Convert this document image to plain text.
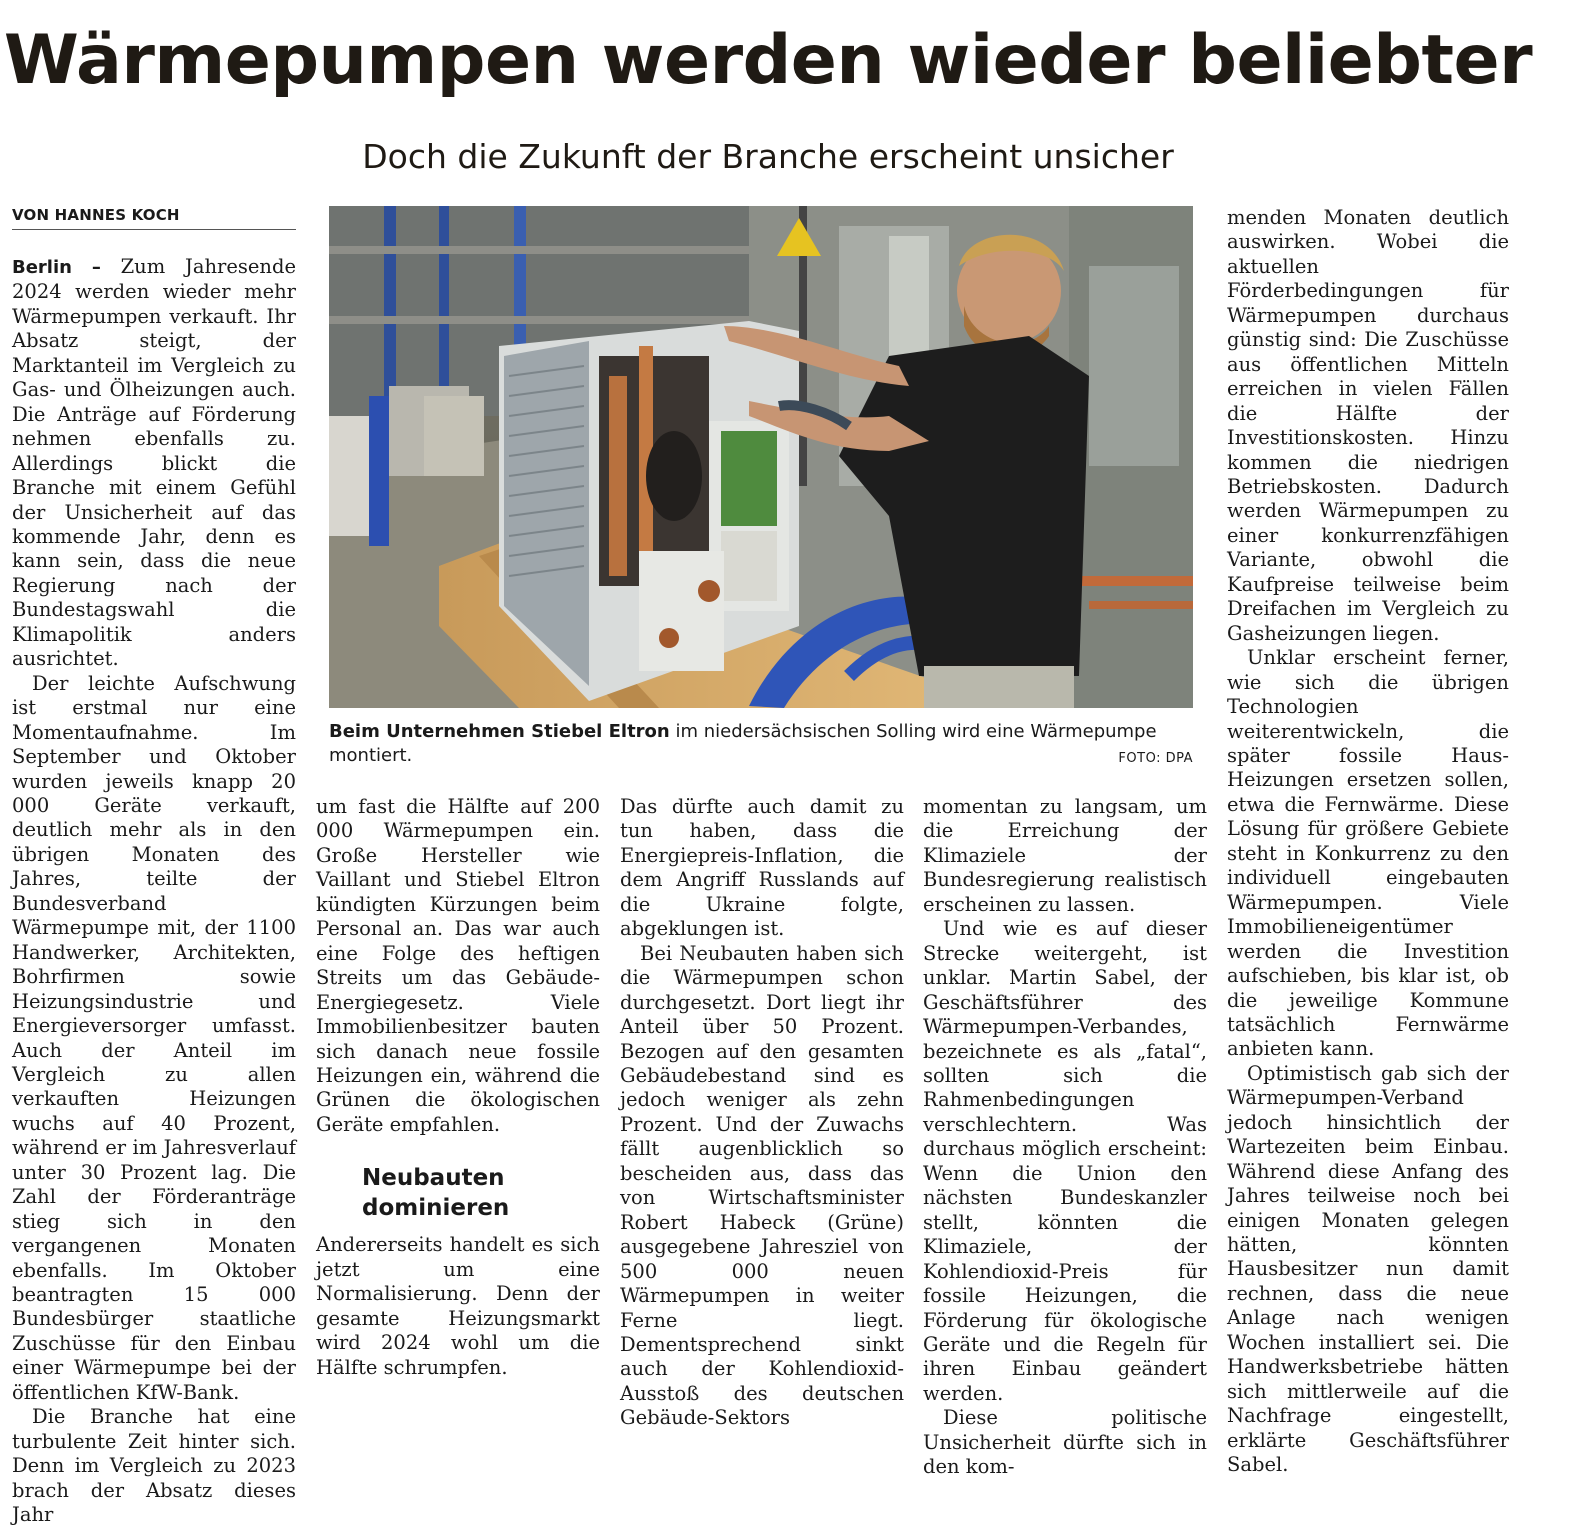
Wärmepumpen werden wieder beliebter
Doch die Zukunft der Branche erscheint unsicher
VON HANNES KOCH

Berlin – Zum Jahresende 2024 werden wieder mehr Wärmepumpen verkauft. Ihr Absatz steigt, der Marktanteil im Vergleich zu Gas- und Ölheizungen auch. Die Anträge auf Förderung nehmen ebenfalls zu. Allerdings blickt die Branche mit einem Gefühl der Unsicherheit auf das kommende Jahr, denn es kann sein, dass die neue Regierung nach der Bundestagswahl die Klimapolitik anders ausrichtet.

Der leichte Aufschwung ist erstmal nur eine Momentaufnahme. Im September und Oktober wurden jeweils knapp 20 000 Geräte verkauft, deutlich mehr als in den übrigen Monaten des Jahres, teilte der Bundesverband Wärmepumpe mit, der 1100 Handwerker, Architekten, Bohrfirmen sowie Heizungsindustrie und Energieversorger umfasst. Auch der Anteil im Vergleich zu allen verkauften Heizungen wuchs auf 40 Prozent, während er im Jahresverlauf unter 30 Prozent lag. Die Zahl der Förderanträge stieg sich in den vergangenen Monaten ebenfalls. Im Oktober beantragten 15 000 Bundesbürger staatliche Zuschüsse für den Einbau einer Wärmepumpe bei der öffentlichen KfW-Bank.

Die Branche hat eine turbulente Zeit hinter sich. Denn im Vergleich zu 2023 brach der Absatz dieses Jahr

Beim Unternehmen Stiebel Eltron im niedersächsischen Solling wird eine Wärmepumpe montiert.	FOTO: DPA

um fast die Hälfte auf 200 000 Wärmepumpen ein. Große Hersteller wie Vaillant und Stiebel Eltron kündigten Kürzungen beim Personal an. Das war auch eine Folge des heftigen Streits um das Gebäude-Energiegesetz. Viele Immobilienbesitzer bauten sich danach neue fossile Heizungen ein, während die Grünen die ökologischen Geräte empfahlen.

Neubauten dominieren

Andererseits handelt es sich jetzt um eine Normalisierung. Denn der gesamte Heizungsmarkt wird 2024 wohl um die Hälfte schrumpfen.

Das dürfte auch damit zu tun haben, dass die Energiepreis-Inflation, die dem Angriff Russlands auf die Ukraine folgte, abgeklungen ist.

Bei Neubauten haben sich die Wärmepumpen schon durchgesetzt. Dort liegt ihr Anteil über 50 Prozent. Bezogen auf den gesamten Gebäudebestand sind es jedoch weniger als zehn Prozent. Und der Zuwachs fällt augenblicklich so bescheiden aus, dass das von Wirtschaftsminister Robert Habeck (Grüne) ausgegebene Jahresziel von 500 000 neuen Wärmepumpen in weiter Ferne liegt. Dementsprechend sinkt auch der Kohlendioxid-Ausstoß des deutschen Gebäude-Sektors

momentan zu langsam, um die Erreichung der Klimaziele der Bundesregierung realistisch erscheinen zu lassen.

Und wie es auf dieser Strecke weitergeht, ist unklar. Martin Sabel, der Geschäftsführer des Wärmepumpen-Verbandes, bezeichnete es als „fatal“, sollten sich die Rahmenbedingungen verschlechtern. Was durchaus möglich erscheint: Wenn die Union den nächsten Bundeskanzler stellt, könnten die Klimaziele, der Kohlendioxid-Preis für fossile Heizungen, die Förderung für ökologische Geräte und die Regeln für ihren Einbau geändert werden.

Diese politische Unsicherheit dürfte sich in den kom-

menden Monaten deutlich auswirken. Wobei die aktuellen Förderbedingungen für Wärmepumpen durchaus günstig sind: Die Zuschüsse aus öffentlichen Mitteln erreichen in vielen Fällen die Hälfte der Investitionskosten. Hinzu kommen die niedrigen Betriebskosten. Dadurch werden Wärmepumpen zu einer konkurrenzfähigen Variante, obwohl die Kaufpreise teilweise beim Dreifachen im Vergleich zu Gasheizungen liegen.

Unklar erscheint ferner, wie sich die übrigen Technologien weiterentwickeln, die später fossile Haus-Heizungen ersetzen sollen, etwa die Fernwärme. Diese Lösung für größere Gebiete steht in Konkurrenz zu den individuell eingebauten Wärmepumpen. Viele Immobilieneigentümer werden die Investition aufschieben, bis klar ist, ob die jeweilige Kommune tatsächlich Fernwärme anbieten kann.

Optimistisch gab sich der Wärmepumpen-Verband jedoch hinsichtlich der Wartezeiten beim Einbau. Während diese Anfang des Jahres teilweise noch bei einigen Monaten gelegen hätten, könnten Hausbesitzer nun damit rechnen, dass die neue Anlage nach wenigen Wochen installiert sei. Die Handwerksbetriebe hätten sich mittlerweile auf die Nachfrage eingestellt, erklärte Geschäftsführer Sabel.
